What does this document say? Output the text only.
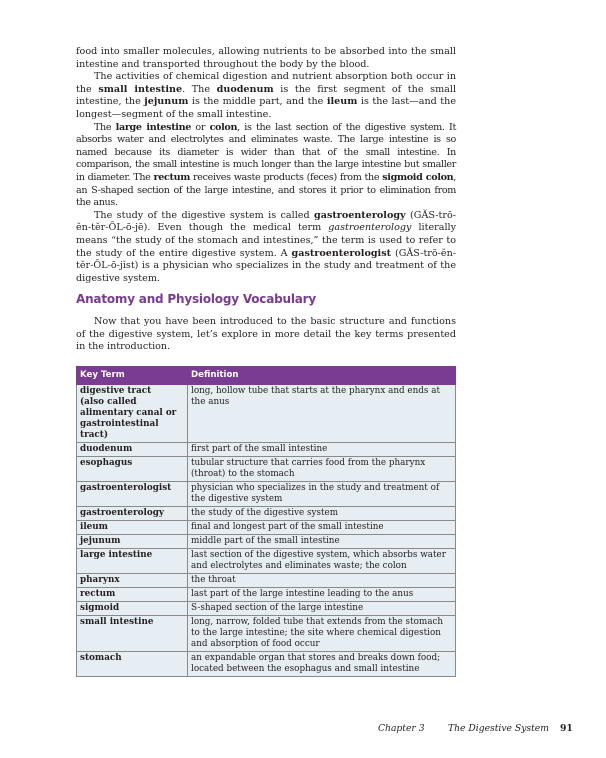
food into smaller molecules, allowing nutrients to be absorbed into the small intestine and transported throughout the body by the blood.

The activities of chemical digestion and nutrient absorption both occur in the small intestine. The duodenum is the first segment of the small intestine, the jejunum is the middle part, and the ileum is the last—and the longest—segment of the small intestine.

The large intestine or colon, is the last section of the digestive system. It absorbs water and electrolytes and eliminates waste. The large intestine is so named because its diameter is wider than that of the small intestine. In comparison, the small intestine is much longer than the large intestine but smaller in diameter. The rectum receives waste products (feces) from the sigmoid colon, an S-shaped section of the large intestine, and stores it prior to elimination from the anus.

The study of the digestive system is called gastroenterology (GĂS-trō-ĕn-tĕr-ŌL-ō-jē). Even though the medical term gastroenterology literally means “the study of the stomach and intestines,” the term is used to refer to the study of the entire digestive system. A gastroenterologist (GĂS-trō-ĕn-tĕr-ŌL-ō-jĭst) is a physician who specializes in the study and treatment of the digestive system.

Anatomy and Physiology Vocabulary

Now that you have been introduced to the basic structure and functions of the digestive system, let’s explore in more detail the key terms presented in the introduction.

Key Term	Definition
digestive tract
(also called
alimentary canal or
gastrointestinal tract)	long, hollow tube that starts at the pharynx and ends at the anus
duodenum	first part of the small intestine
esophagus	tubular structure that carries food from the pharynx (throat) to the stomach
gastroenterologist	physician who specializes in the study and treatment of the digestive system
gastroenterology	the study of the digestive system
ileum	final and longest part of the small intestine
jejunum	middle part of the small intestine
large intestine	last section of the digestive system, which absorbs water and electrolytes and eliminates waste; the colon
pharynx	the throat
rectum	last part of the large intestine leading to the anus
sigmoid	S-shaped section of the large intestine
small intestine	long, narrow, folded tube that extends from the stomach to the large intestine; the site where chemical digestion and absorption of food occur
stomach	an expandable organ that stores and breaks down food; located between the esophagus and small intestine
Chapter 3	The Digestive System 91
